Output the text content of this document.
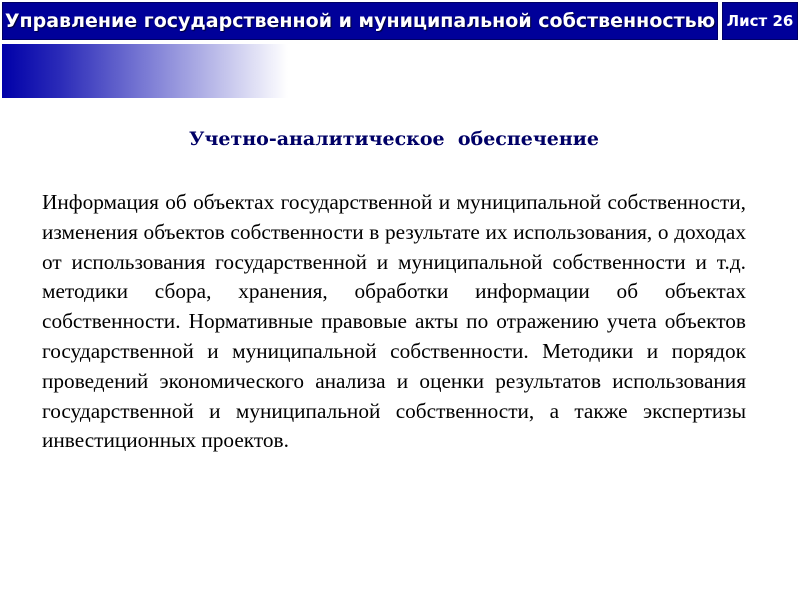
Управление государственной и муниципальной собственностью Лист 26
Учетно-аналитическое  обеспечение
Информация об объектах государственной и муниципальной собственности, изменения объектов собственности в результате их использования, о доходах от использования государственной и муниципальной собственности и т.д. методики сбора, хранения, обработки информации об объектах собственности. Нормативные правовые акты по отражению учета объектов государственной и муниципальной собственности. Методики и порядок проведений экономического анализа и оценки результатов использования государственной и муниципальной собственности, а также экспертизы  инвестиционных проектов.
